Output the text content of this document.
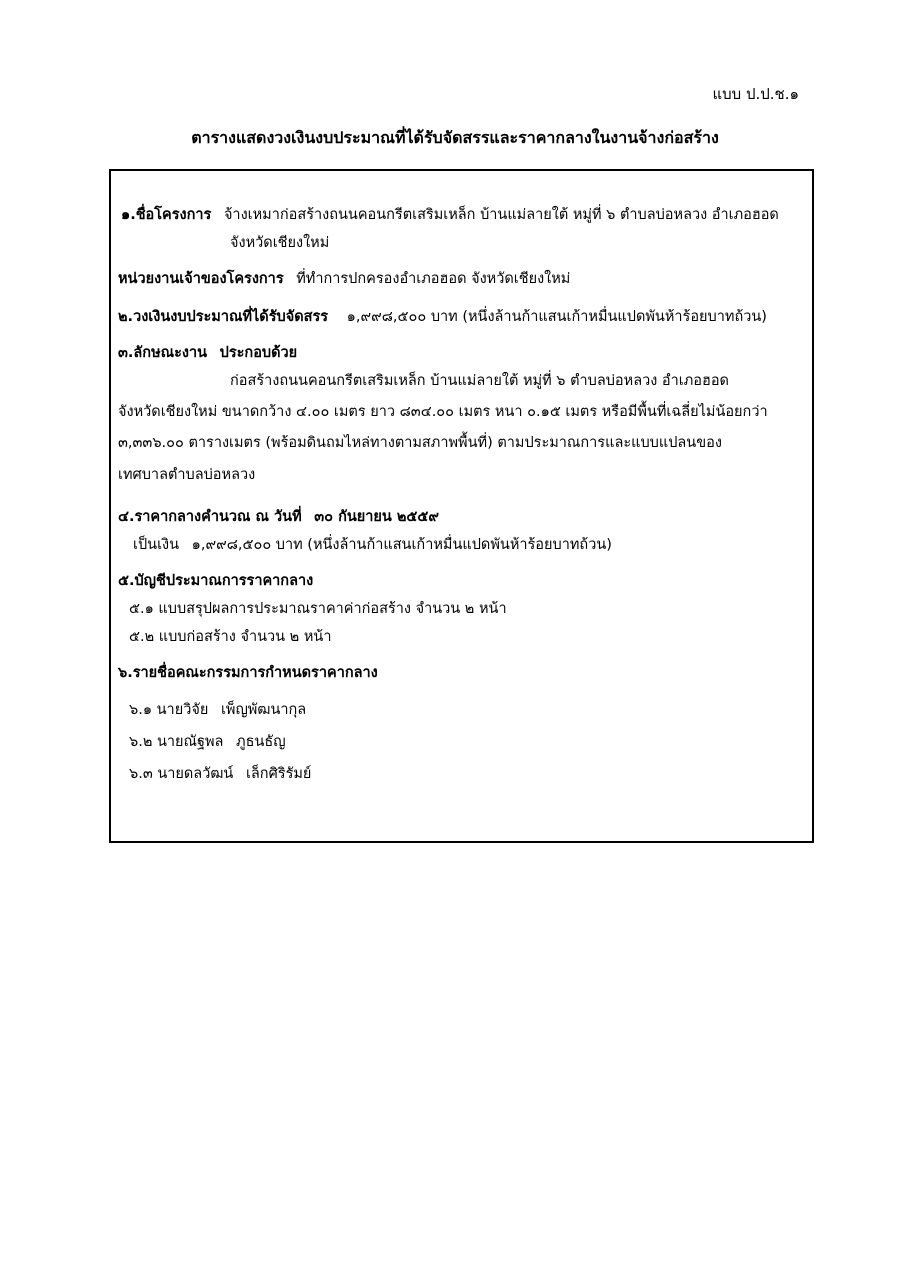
แบบ ป.ป.ช.๑
ตารางแสดงวงเงินงบประมาณที่ได้รับจัดสรรและราคากลางในงานจ้างก่อสร้าง
๑.ชื่อโครงการ จ้างเหมาก่อสร้างถนนคอนกรีตเสริมเหล็ก บ้านแม่ลายใต้ หมู่ที่ ๖ ตำบลบ่อหลวง อำเภอฮอด
จังหวัดเชียงใหม่
หน่วยงานเจ้าของโครงการ ที่ทำการปกครองอำเภอฮอด จังหวัดเชียงใหม่
๒.วงเงินงบประมาณที่ได้รับจัดสรร ๑,๙๙๘,๕๐๐ บาท (หนึ่งล้านก้าแสนเก้าหมื่นแปดพันห้าร้อยบาทถ้วน)
๓.ลักษณะงาน ประกอบด้วย
ก่อสร้างถนนคอนกรีตเสริมเหล็ก บ้านแม่ลายใต้ หมู่ที่ ๖ ตำบลบ่อหลวง อำเภอฮอด
จังหวัดเชียงใหม่ ขนาดกว้าง ๔.๐๐ เมตร ยาว ๘๓๔.๐๐ เมตร หนา ๐.๑๕ เมตร หรือมีพื้นที่เฉลี่ยไม่น้อยกว่า
๓,๓๓๖.๐๐ ตารางเมตร (พร้อมดินถมไหล่ทางตามสภาพพื้นที่) ตามประมาณการและแบบแปลนของ
เทศบาลตำบลบ่อหลวง
๔.ราคากลางคำนวณ ณ วันที่ ๓๐ กันยายน ๒๕๕๙
เป็นเงิน ๑,๙๙๘,๕๐๐ บาท (หนึ่งล้านก้าแสนเก้าหมื่นแปดพันห้าร้อยบาทถ้วน)
๕.บัญชีประมาณการราคากลาง
๕.๑ แบบสรุปผลการประมาณราคาค่าก่อสร้าง จำนวน ๒ หน้า
๕.๒ แบบก่อสร้าง จำนวน ๒ หน้า
๖.รายชื่อคณะกรรมการกำหนดราคากลาง
๖.๑ นายวิจัย เพ็ญพัฒนากุล
๖.๒ นายณัฐพล ภูธนธัญ
๖.๓ นายดลวัฒน์ เล็กศิริรัมย์
